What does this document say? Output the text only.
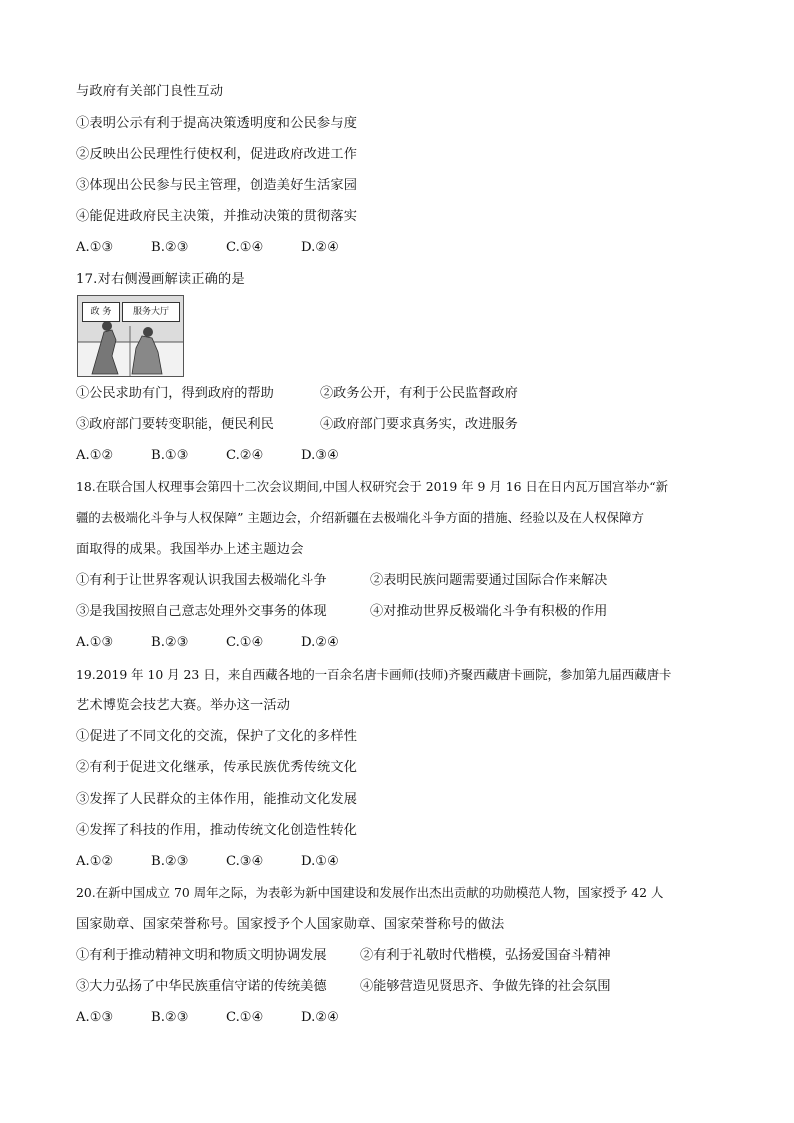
与政府有关部门良性互动
①表明公示有利于提高决策透明度和公民参与度
②反映出公民理性行使权利，促进政府改进工作
③体现出公民参与民主管理，创造美好生活家园
④能促进政府民主决策，并推动决策的贯彻落实
A.①③	B.②③	C.①④	D.②④
17.对右侧漫画解读正确的是
政 务	服务大厅
①公民求助有门，得到政府的帮助	②政务公开，有利于公民监督政府
③政府部门要转变职能，便民利民	④政府部门要求真务实，改进服务
A.①②	B.①③	C.②④	D.③④
18.在联合国人权理事会第四十二次会议期间,中国人权研究会于 2019 年 9 月 16 日在日内瓦万国宫举办“新
疆的去极端化斗争与人权保障” 主题边会，介绍新疆在去极端化斗争方面的措施、经验以及在人权保障方
面取得的成果。我国举办上述主题边会
①有利于让世界客观认识我国去极端化斗争	②表明民族问题需要通过国际合作来解决
③是我国按照自己意志处理外交事务的体现	④对推动世界反极端化斗争有积极的作用
A.①③	B.②③	C.①④	D.②④
19.2019 年 10 月 23 日，来自西藏各地的一百余名唐卡画师(技师)齐聚西藏唐卡画院，参加第九届西藏唐卡
艺术博览会技艺大赛。举办这一活动
①促进了不同文化的交流，保护了文化的多样性
②有利于促进文化继承，传承民族优秀传统文化
③发挥了人民群众的主体作用，能推动文化发展
④发挥了科技的作用，推动传统文化创造性转化
A.①②	B.②③	C.③④	D.①④
20.在新中国成立 70 周年之际，为表彰为新中国建设和发展作出杰出贡献的功勋模范人物，国家授予 42 人
国家勋章、国家荣誉称号。国家授予个人国家勋章、国家荣誉称号的做法
①有利于推动精神文明和物质文明协调发展	②有利于礼敬时代楷模，弘扬爱国奋斗精神
③大力弘扬了中华民族重信守诺的传统美德	④能够营造见贤思齐、争做先锋的社会氛围
A.①③	B.②③	C.①④	D.②④
